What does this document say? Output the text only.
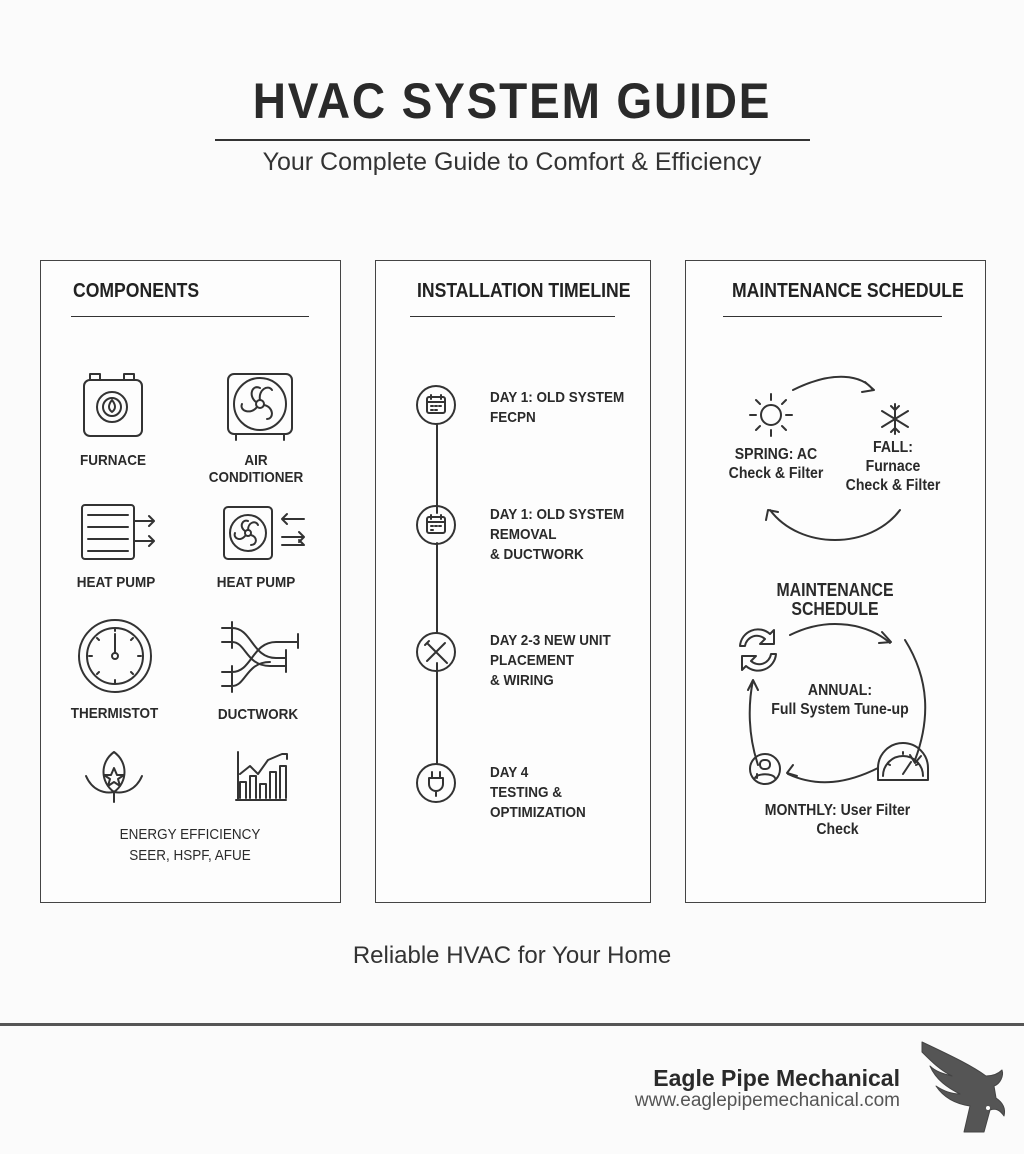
HVAC SYSTEM GUIDE
Your Complete Guide to Comfort & Efficiency
COMPONENTS
FURNACE	AIR CONDITIONER
HEAT PUMP	HEAT PUMP
THERMISTOT	DUCTWORK
ENERGY EFFICIENCY
SEER, HSPF, AFUE
INSTALLATION TIMELINE
DAY 1: OLD SYSTEM
FECPN
DAY 1: OLD SYSTEM
REMOVAL
& DUCTWORK
DAY 2-3 NEW UNIT
PLACEMENT
& WIRING
DAY 4
TESTING &
OPTIMIZATION
MAINTENANCE SCHEDULE
SPRING: AC
Check & Filter
FALL:
Furnace
Check & Filter
MAINTENANCE SCHEDULE
ANNUAL:
Full System Tune-up
MONTHLY: User Filter Check
Reliable HVAC for Your Home
Eagle Pipe Mechanical
www.eaglepipemechanical.com
